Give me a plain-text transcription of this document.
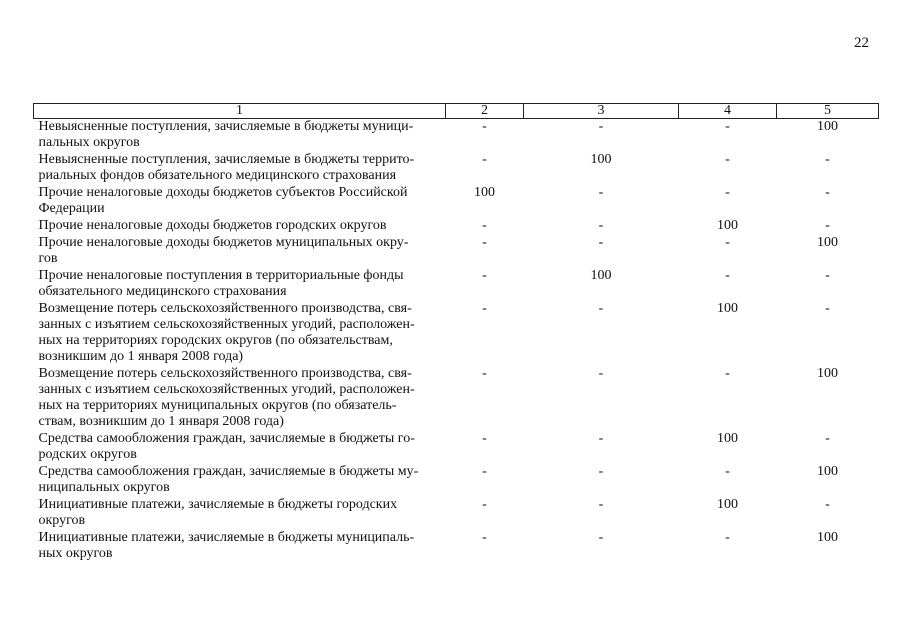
22
1	2	3	4	5
Невыясненные поступления, зачисляемые в бюджеты муници-
пальных округов	-	-	-	100
Невыясненные поступления, зачисляемые в бюджеты террито-
риальных фондов обязательного медицинского страхования	-	100	-	-
Прочие неналоговые доходы бюджетов субъектов Российской
Федерации	100	-	-	-
Прочие неналоговые доходы бюджетов городских округов	-	-	100	-
Прочие неналоговые доходы бюджетов муниципальных окру-
гов	-	-	-	100
Прочие неналоговые поступления в территориальные фонды
обязательного медицинского страхования	-	100	-	-
Возмещение потерь сельскохозяйственного производства, свя-
занных с изъятием сельскохозяйственных угодий, расположен-
ных на территориях городских округов (по обязательствам,
возникшим до 1 января 2008 года)	-	-	100	-
Возмещение потерь сельскохозяйственного производства, свя-
занных с изъятием сельскохозяйственных угодий, расположен-
ных на территориях муниципальных округов (по обязатель-
ствам, возникшим до 1 января 2008 года)	-	-	-	100
Средства самообложения граждан, зачисляемые в бюджеты го-
родских округов	-	-	100	-
Средства самообложения граждан, зачисляемые в бюджеты му-
ниципальных округов	-	-	-	100
Инициативные платежи, зачисляемые в бюджеты городских
округов	-	-	100	-
Инициативные платежи, зачисляемые в бюджеты муниципаль-
ных округов	-	-	-	100
